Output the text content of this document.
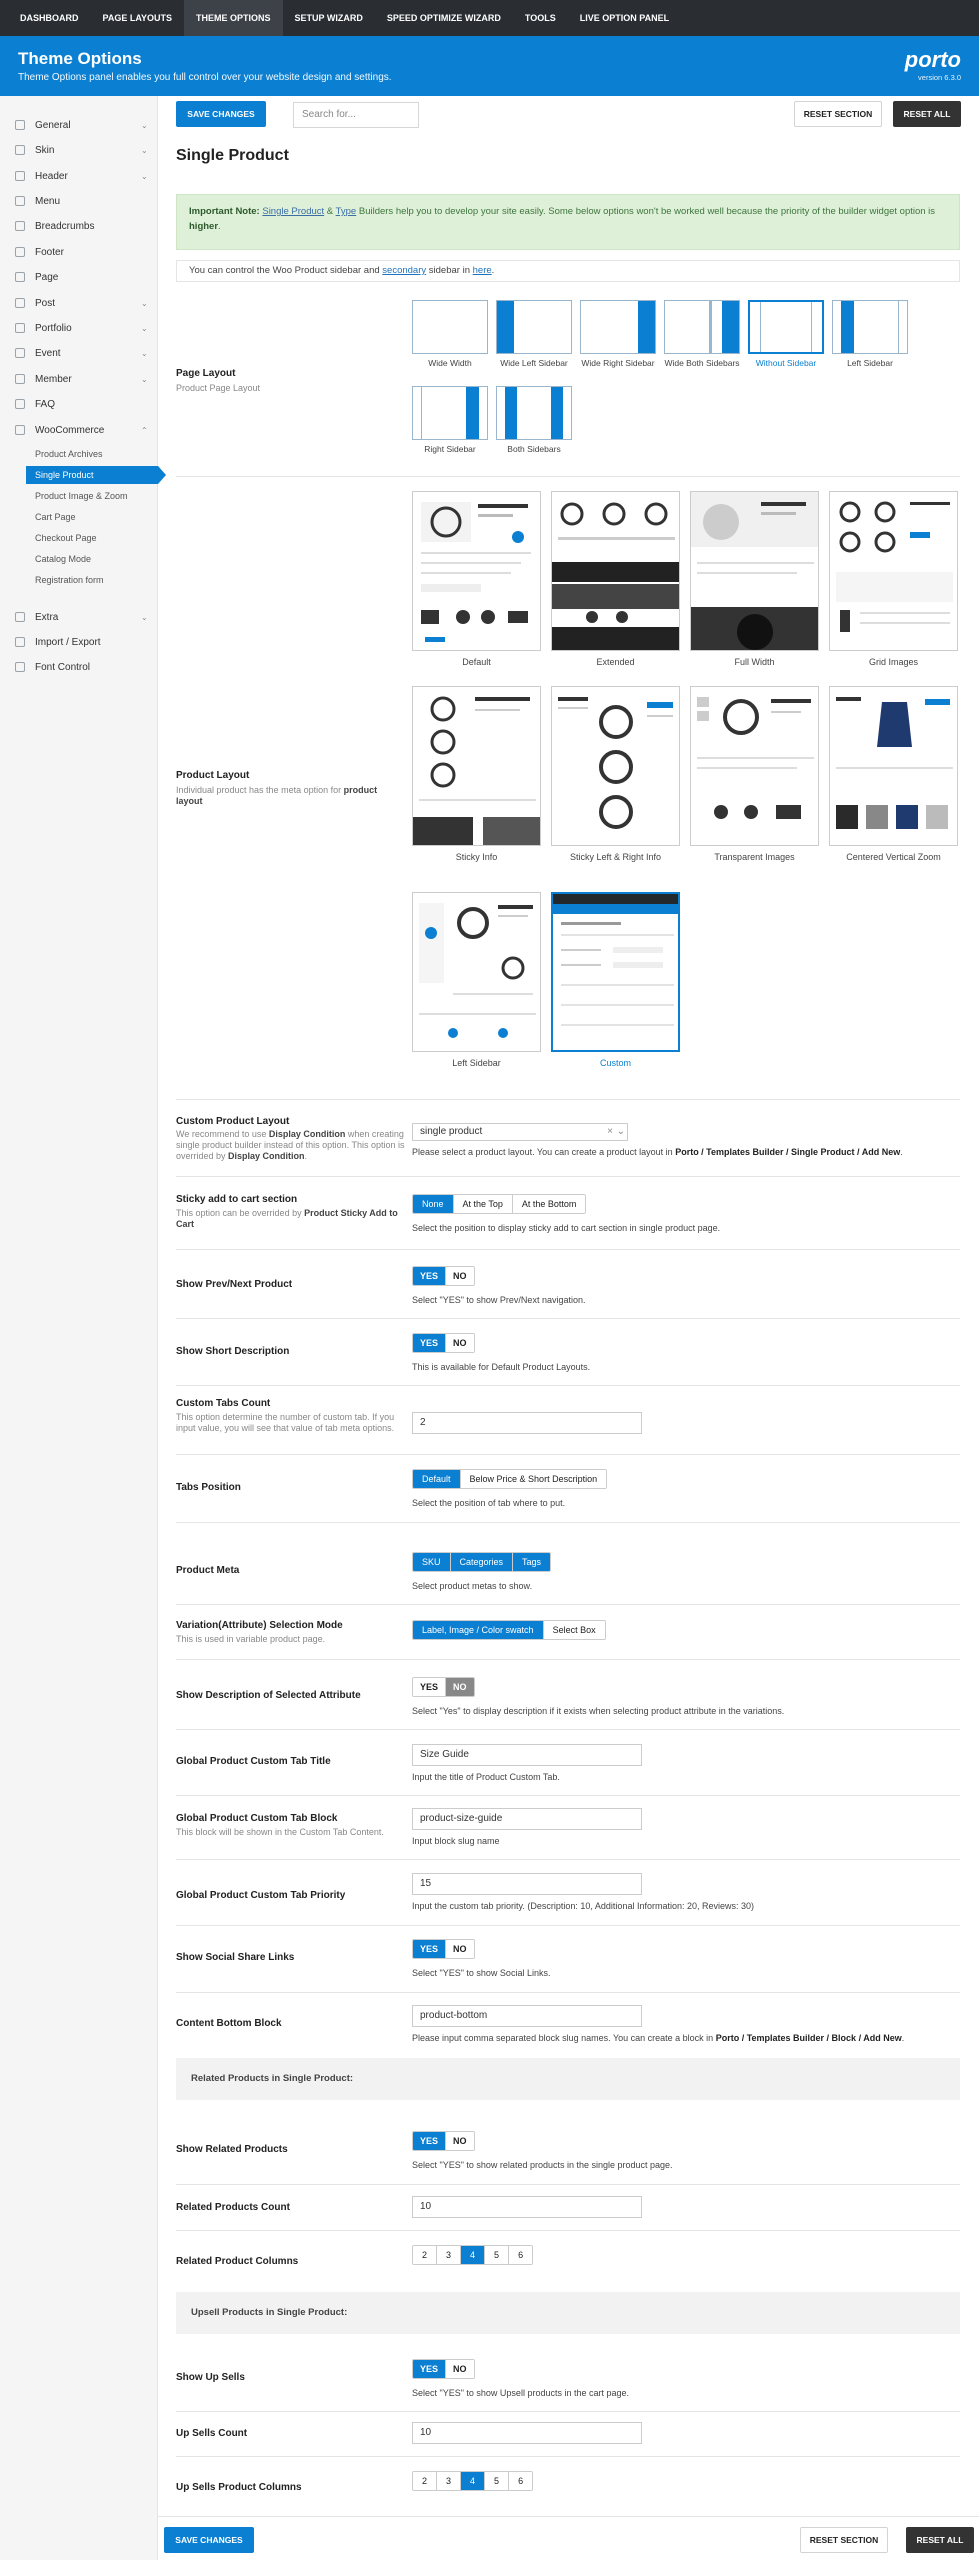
DASHBOARD	PAGE LAYOUTS	THEME OPTIONS	SETUP WIZARD	SPEED OPTIMIZE WIZARD	TOOLS	LIVE OPTION PANEL
Theme Options
Theme Options panel enables you full control over your website design and settings.
porto
version 6.3.0
General	⌄
Skin	⌄
Header	⌄
Menu
Breadcrumbs
Footer
Page
Post	⌄
Portfolio	⌄
Event	⌄
Member	⌄
FAQ
WooCommerce	⌃
Product Archives
Single Product
Product Image & Zoom
Cart Page
Checkout Page
Catalog Mode
Registration form
Extra	⌄
Import / Export
Font Control
SAVE CHANGES	Search for...	RESET SECTION	RESET ALL
Single Product
Important Note: Single Product & Type Builders help you to develop your site easily. Some below options won't be worked well because the priority of the builder widget option is higher.
You can control the Woo Product sidebar and secondary sidebar in here.
Page Layout
Product Page Layout
Wide Width	Wide Left Sidebar	Wide Right Sidebar Wide Both Sidebars	Without Sidebar	Left Sidebar
Right Sidebar	Both Sidebars
Product Layout
Individual product has the meta option for product layout
Default	Extended	Full Width	Grid Images
Sticky Info	Sticky Left & Right Info	Transparent Images	Centered Vertical Zoom
Left Sidebar	Custom
Custom Product Layout
We recommend to use Display Condition when creating single product builder instead of this option. This option is overrided by Display Condition.
single product	× ⌄
Please select a product layout. You can create a product layout in Porto / Templates Builder / Single Product / Add New.
Sticky add to cart section
This option can be overrided by Product Sticky Add to Cart
None	At the Top	At the Bottom
Select the position to display sticky add to cart section in single product page.
Show Prev/Next Product
YES	NO
Select "YES" to show Prev/Next navigation.
Show Short Description
YES	NO
This is available for Default Product Layouts.
Custom Tabs Count
This option determine the number of custom tab. If you input value, you will see that value of tab meta options.	2
Tabs Position
Default	Below Price & Short Description
Select the position of tab where to put.
Product Meta
SKU	Categories	Tags
Select product metas to show.
Variation(Attribute) Selection Mode
This is used in variable product page.
Label, Image / Color swatch	Select Box
Show Description of Selected Attribute
YES	NO
Select "Yes" to display description if it exists when selecting product attribute in the variations.
Global Product Custom Tab Title
Size Guide
Input the title of Product Custom Tab.
Global Product Custom Tab Block
This block will be shown in the Custom Tab Content.
product-size-guide
Input block slug name
Global Product Custom Tab Priority
15
Input the custom tab priority. (Description: 10, Additional Information: 20, Reviews: 30)
Show Social Share Links
YES	NO
Select "YES" to show Social Links.
Content Bottom Block
product-bottom
Please input comma separated block slug names. You can create a block in Porto / Templates Builder / Block / Add New.
Related Products in Single Product:
Show Related Products
YES	NO
Select "YES" to show related products in the single product page.
Related Products Count	10
Related Product Columns
2	3	4	5	6
Upsell Products in Single Product:
Show Up Sells
YES	NO
Select "YES" to show Upsell products in the cart page.
Up Sells Count	10
Up Sells Product Columns
2	3	4	5	6
SAVE CHANGES	RESET SECTION	RESET ALL
